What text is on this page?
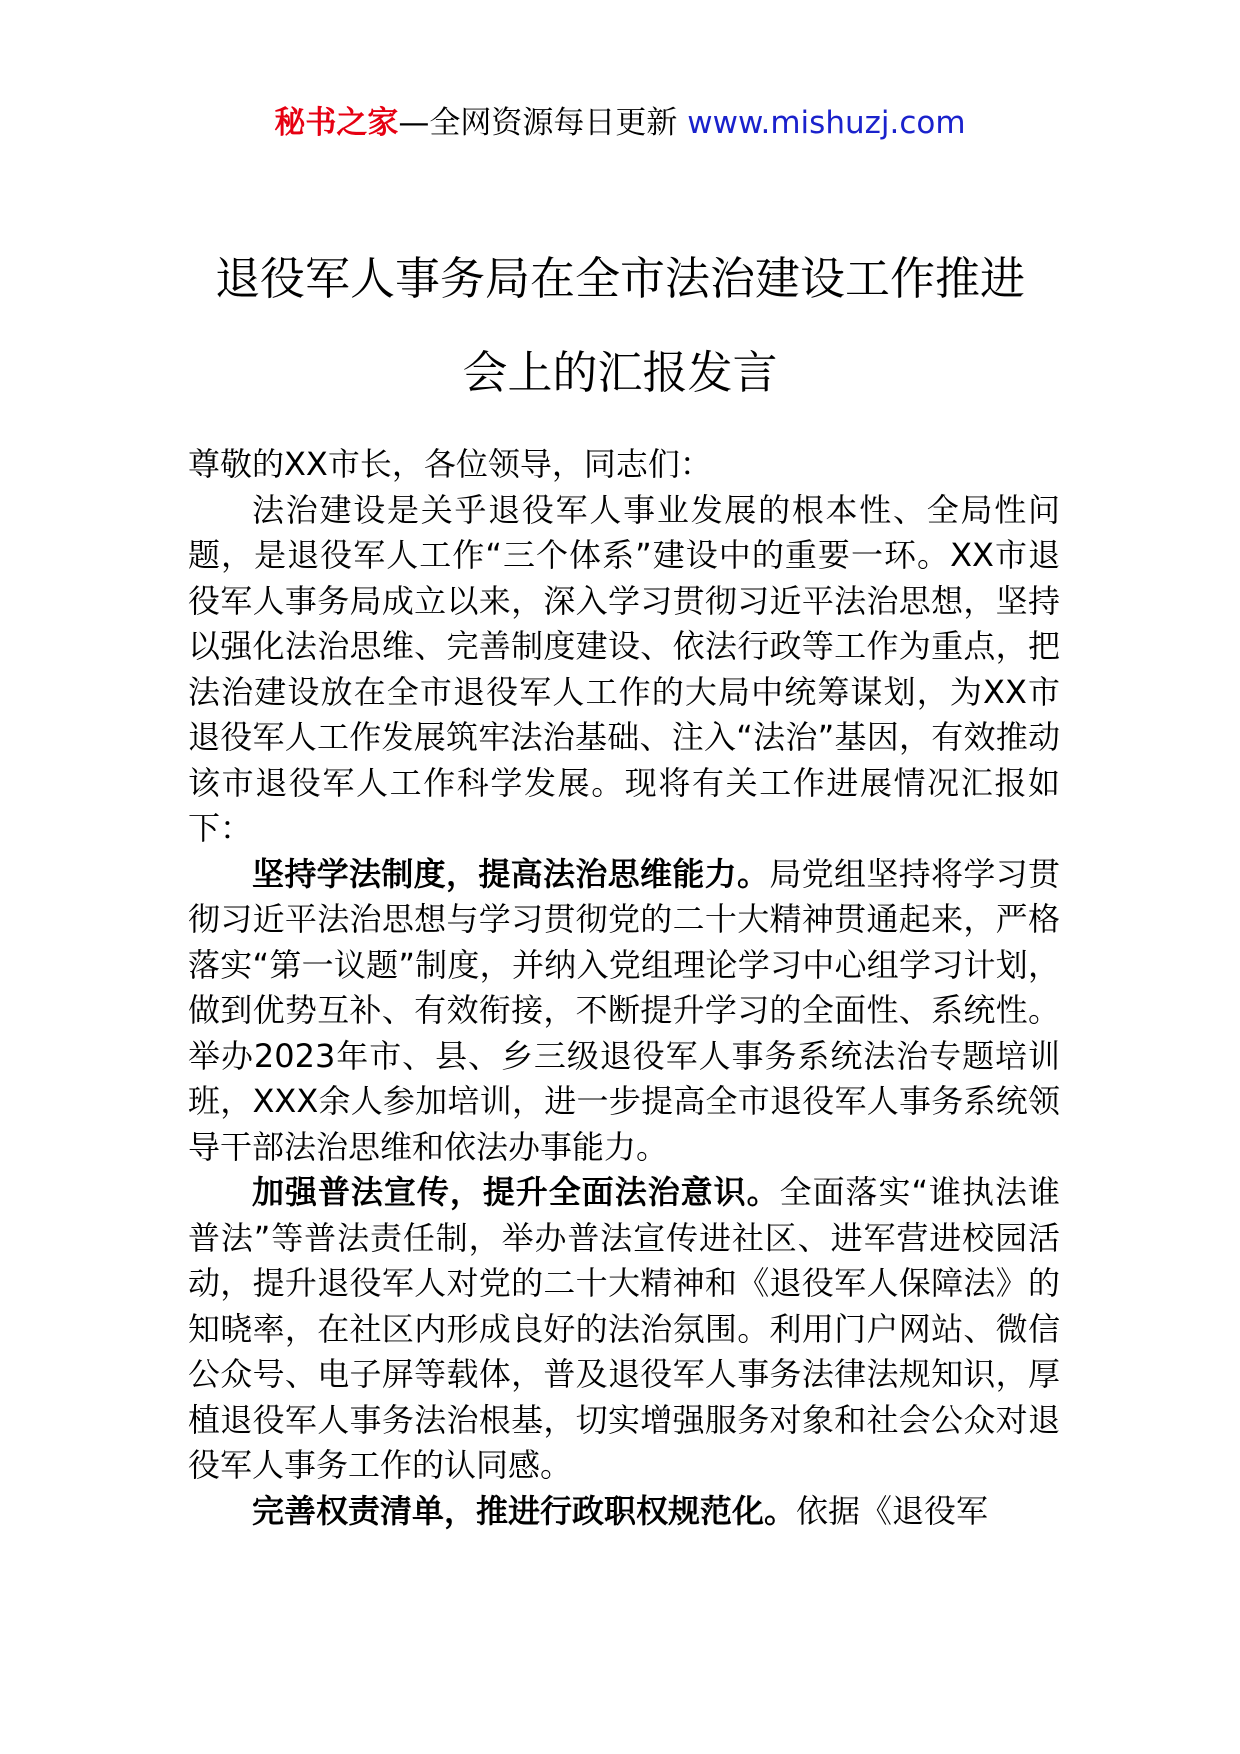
秘书之家—全网资源每日更新 www.mishuzj.com
退役军人事务局在全市法治建设工作推进
会上的汇报发言

尊敬的XX市长，各位领导，同志们：

法治建设是关乎退役军人事业发展的根本性、全局性问题，是退役军人工作“三个体系”建设中的重要一环。XX市退役军人事务局成立以来，深入学习贯彻习近平法治思想，坚持以强化法治思维、完善制度建设、依法行政等工作为重点，把法治建设放在全市退役军人工作的大局中统筹谋划，为XX市退役军人工作发展筑牢法治基础、注入“法治”基因，有效推动该市退役军人工作科学发展。现将有关工作进展情况汇报如下：

坚持学法制度，提高法治思维能力。局党组坚持将学习贯彻习近平法治思想与学习贯彻党的二十大精神贯通起来，严格落实“第一议题”制度，并纳入党组理论学习中心组学习计划，做到优势互补、有效衔接，不断提升学习的全面性、系统性。举办2023年市、县、乡三级退役军人事务系统法治专题培训班，XXX余人参加培训，进一步提高全市退役军人事务系统领导干部法治思维和依法办事能力。

加强普法宣传，提升全面法治意识。全面落实“谁执法谁普法”等普法责任制，举办普法宣传进社区、进军营进校园活动，提升退役军人对党的二十大精神和《退役军人保障法》的知晓率，在社区内形成良好的法治氛围。利用门户网站、微信公众号、电子屏等载体，普及退役军人事务法律法规知识，厚植退役军人事务法治根基，切实增强服务对象和社会公众对退役军人事务工作的认同感。

完善权责清单，推进行政职权规范化。依据《退役军
